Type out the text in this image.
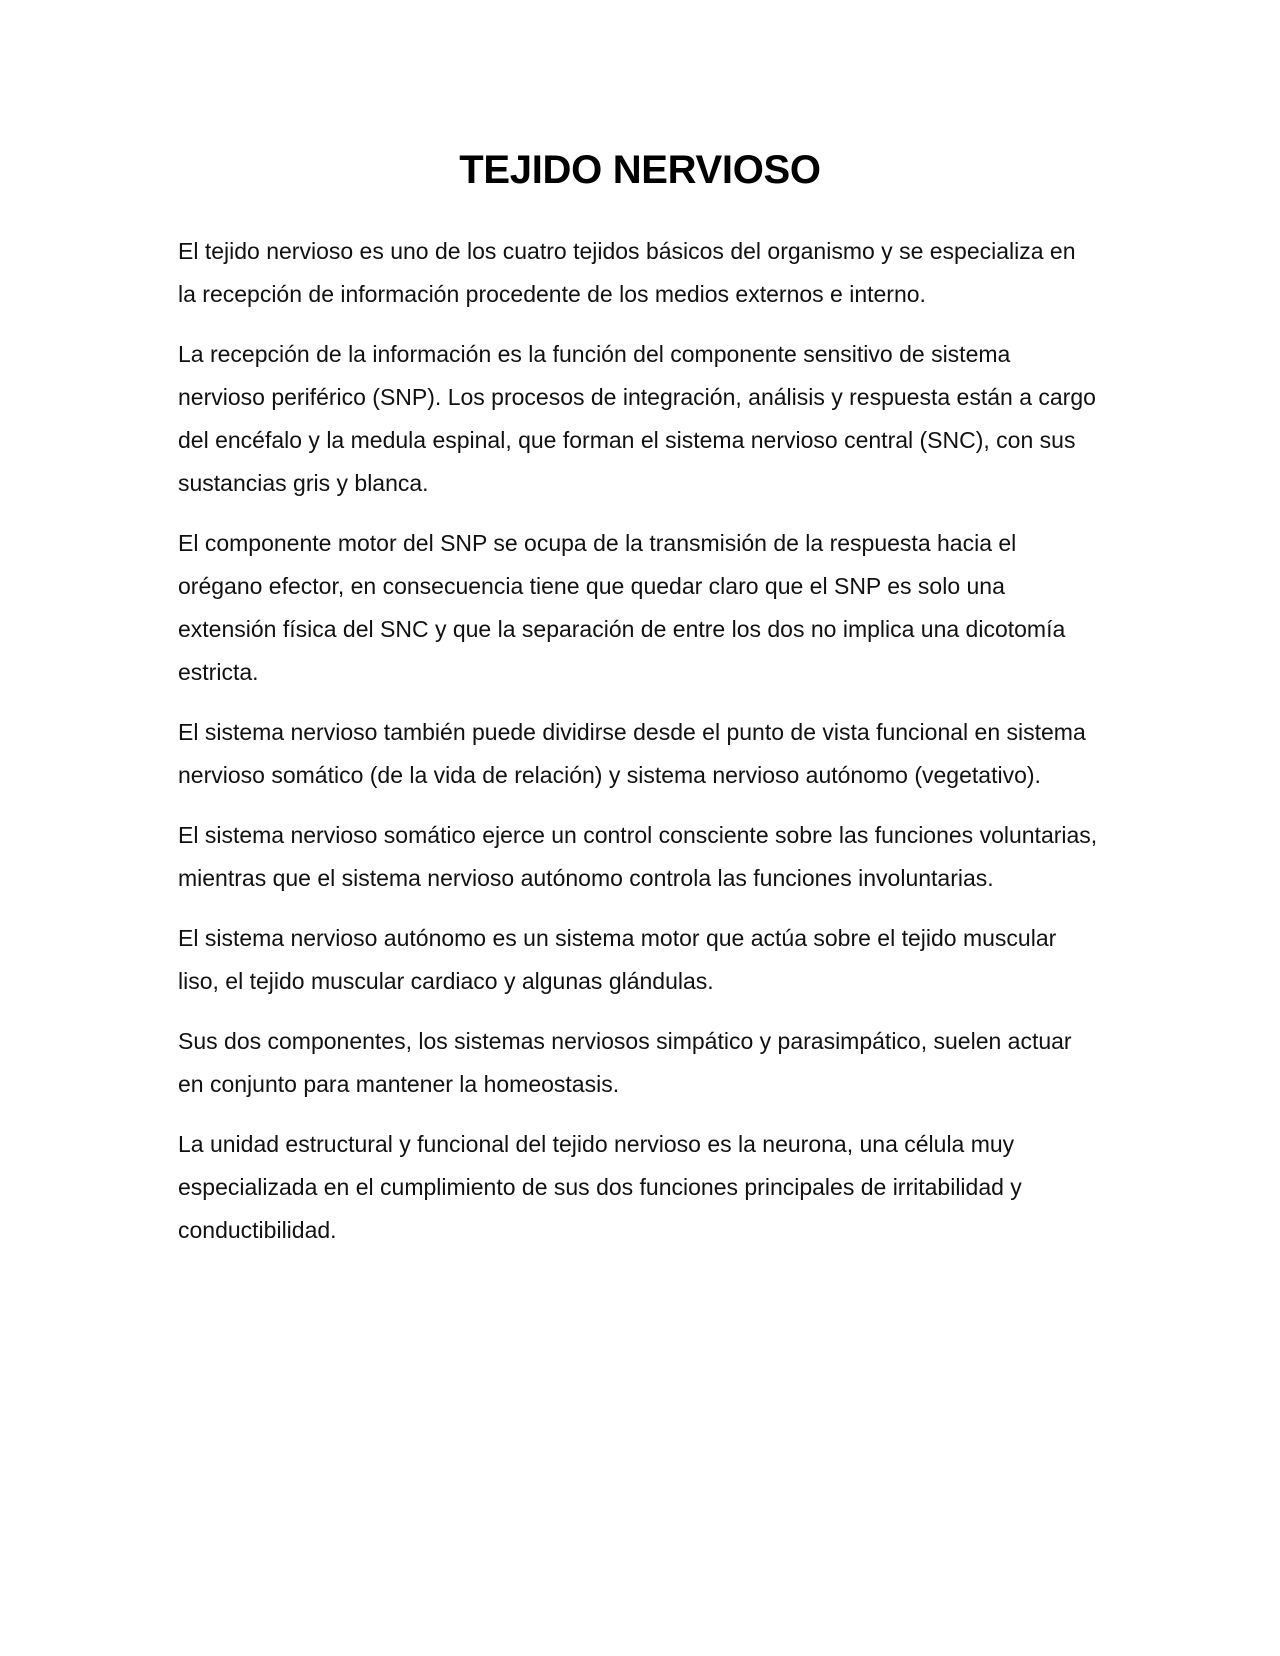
TEJIDO NERVIOSO

El tejido nervioso es uno de los cuatro tejidos básicos del organismo y se especializa en la recepción de información procedente de los medios externos e interno.

La recepción de la información es la función del componente sensitivo de sistema nervioso periférico (SNP). Los procesos de integración, análisis y respuesta están a cargo del encéfalo y la medula espinal, que forman el sistema nervioso central (SNC), con sus sustancias gris y blanca.

El componente motor del SNP se ocupa de la transmisión de la respuesta hacia el orégano efector, en consecuencia tiene que quedar claro que el SNP es solo una extensión física del SNC y que la separación de entre los dos no implica una dicotomía estricta.

El sistema nervioso también puede dividirse desde el punto de vista funcional en sistema nervioso somático (de la vida de relación) y sistema nervioso autónomo (vegetativo).

El sistema nervioso somático ejerce un control consciente sobre las funciones voluntarias, mientras que el sistema nervioso autónomo controla las funciones involuntarias.

El sistema nervioso autónomo es un sistema motor que actúa sobre el tejido muscular liso, el tejido muscular cardiaco y algunas glándulas.

Sus dos componentes, los sistemas nerviosos simpático y parasimpático, suelen actuar en conjunto para mantener la homeostasis.

La unidad estructural y funcional del tejido nervioso es la neurona, una célula muy especializada en el cumplimiento de sus dos funciones principales de irritabilidad y conductibilidad.
